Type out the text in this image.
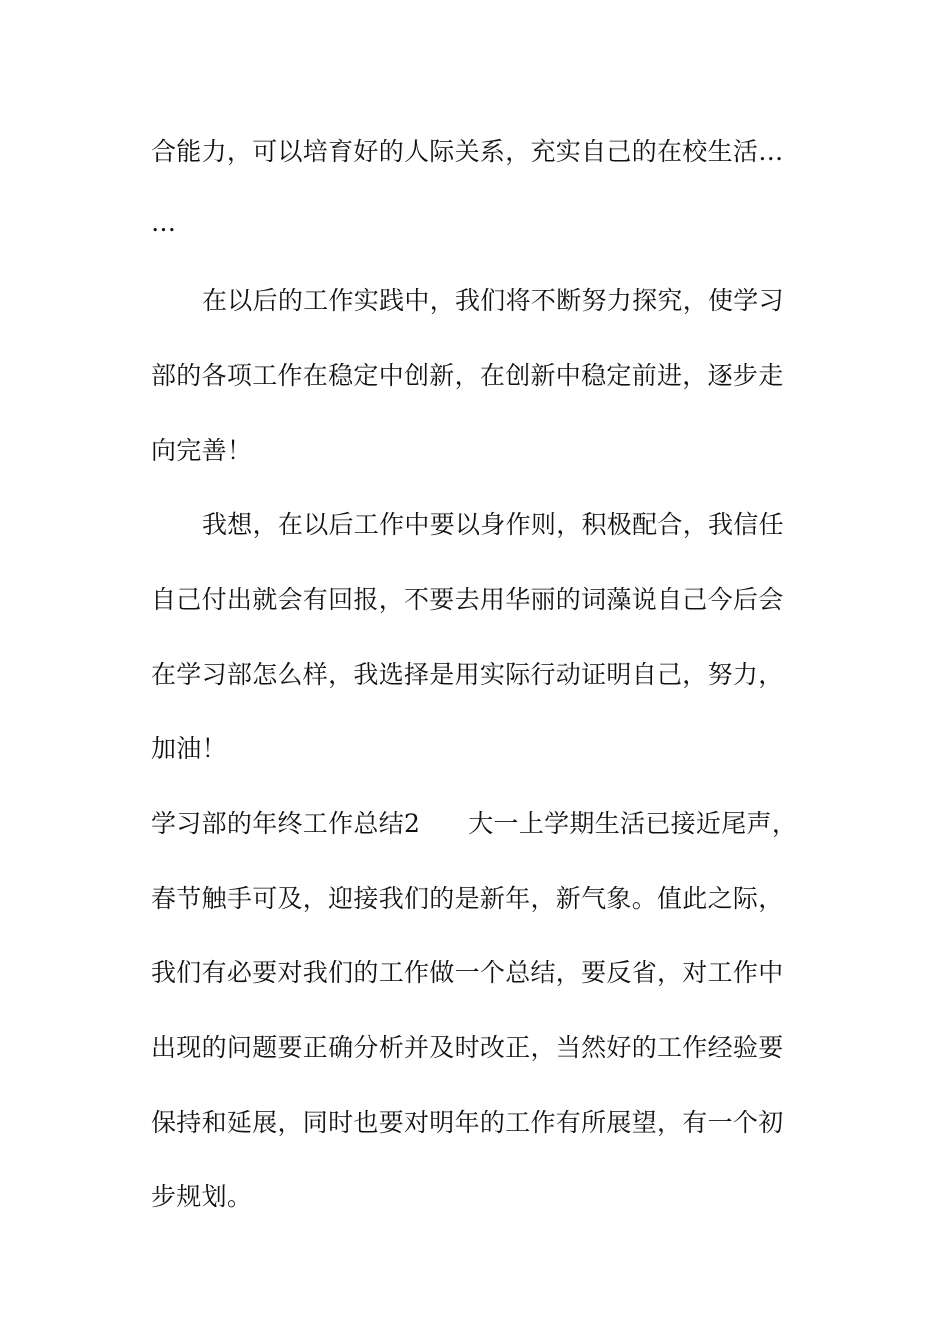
合能力，可以培育好的人际关系，充实自己的在校生活…
…
在以后的工作实践中，我们将不断努力探究，使学习
部的各项工作在稳定中创新，在创新中稳定前进，逐步走
向完善！
我想，在以后工作中要以身作则，积极配合，我信任
自己付出就会有回报，不要去用华丽的词藻说自己今后会
在学习部怎么样，我选择是用实际行动证明自己，努力，
加油！
学习部的年终工作总结2 大一上学期生活已接近尾声，
春节触手可及，迎接我们的是新年，新气象。值此之际，
我们有必要对我们的工作做一个总结，要反省，对工作中
出现的问题要正确分析并及时改正，当然好的工作经验要
保持和延展，同时也要对明年的工作有所展望，有一个初
步规划。
